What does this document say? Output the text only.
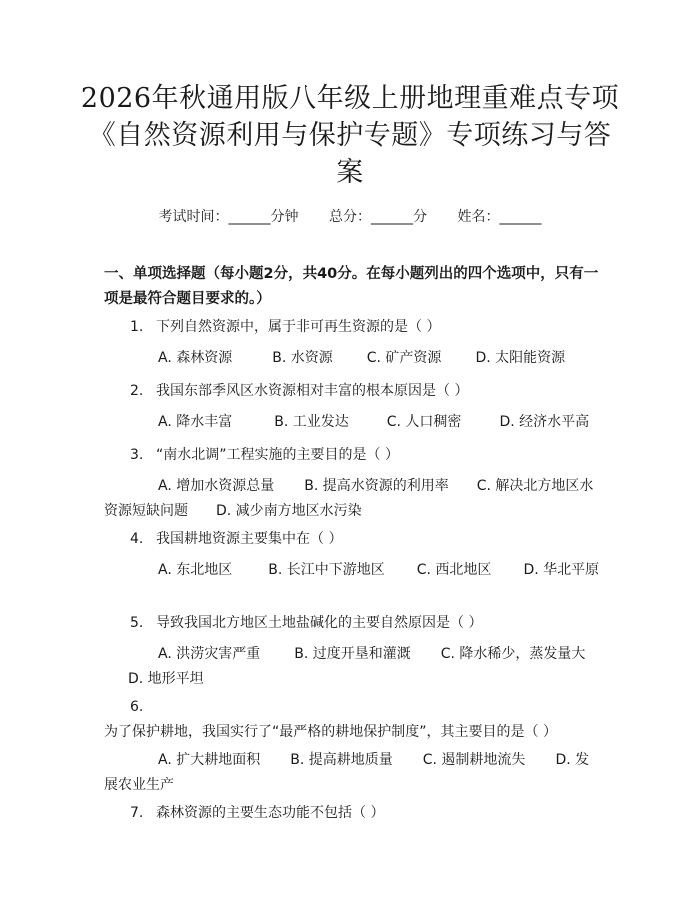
2026年秋通用版八年级上册地理重难点专项《自然资源利用与保护专题》专项练习与答案
考试时间：______分钟 总分：______分 姓名：______
一、单项选择题（每小题2分，共40分。在每小题列出的四个选项中，只有一项是最符合题目要求的。）
1. 下列自然资源中，属于非可再生资源的是（ ）
A. 森林资源	B. 水资源 C. 矿产资源 D. 太阳能资源
2. 我国东部季风区水资源相对丰富的根本原因是（ ）
A. 降水丰富	B. 工业发达	C. 人口稠密	D. 经济水平高
3. “南水北调”工程实施的主要目的是（ ）
A. 增加水资源总量 B. 提高水资源的利用率 C. 解决北方地区水资源短缺问题 D. 减少南方地区水污染
4. 我国耕地资源主要集中在（ ）
A. 东北地区	B. 长江中下游地区 C. 西北地区 D. 华北平原
5. 导致我国北方地区土地盐碱化的主要自然原因是（ ）
A. 洪涝灾害严重 B. 过度开垦和灌溉 C. 降水稀少，蒸发量大D. 地形平坦
6.为了保护耕地，我国实行了“最严格的耕地保护制度”，其主要目的是（ ）
A. 扩大耕地面积 B. 提高耕地质量 C. 遏制耕地流失 D. 发展农业生产
7. 森林资源的主要生态功能不包括（ ）
